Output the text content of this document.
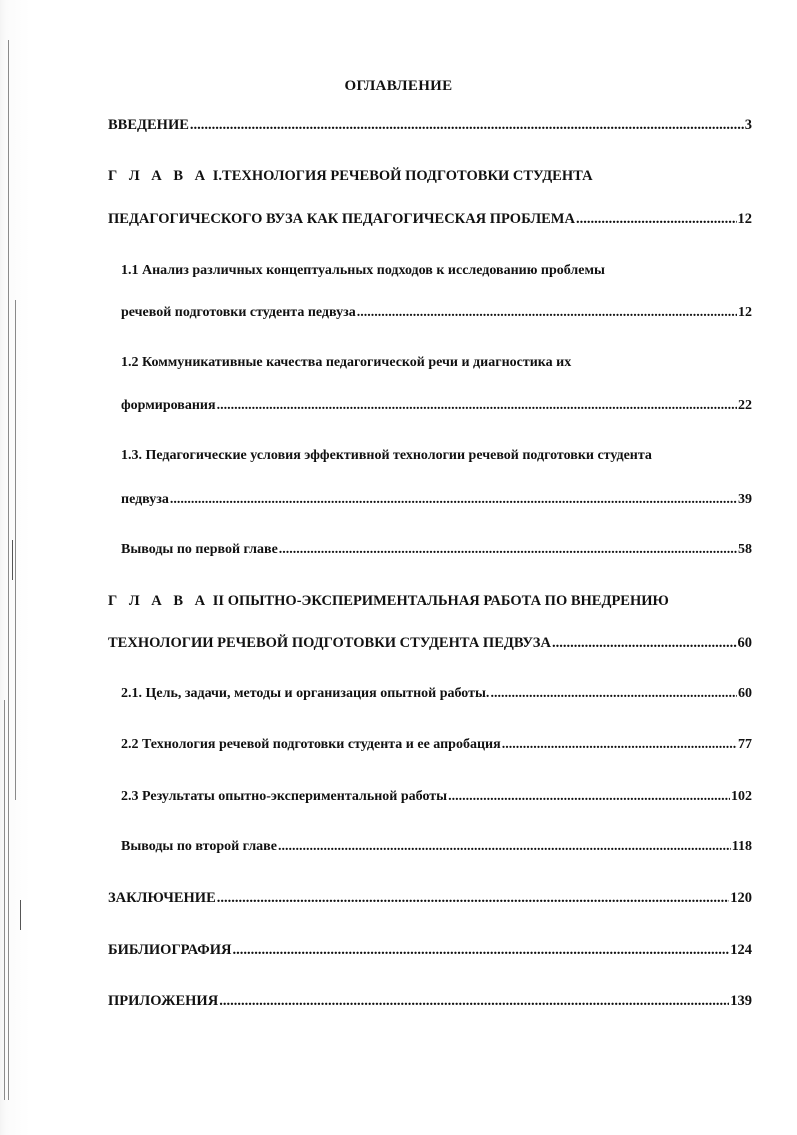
ОГЛАВЛЕНИЕ
ВВЕДЕНИЕ .....	3
Г Л А В А I.ТЕХНОЛОГИЯ РЕЧЕВОЙ ПОДГОТОВКИ СТУДЕНТА
ПЕДАГОГИЧЕСКОГО ВУЗА КАК ПЕДАГОГИЧЕСКАЯ ПРОБЛЕМА .....	12
1.1 Анализ различных концептуальных подходов к исследованию проблемы
речевой подготовки студента педвуза .....	12
1.2 Коммуникативные качества педагогической речи и диагностика их
формирования .....	22
1.3. Педагогические условия эффективной технологии речевой подготовки студента
педвуза .....	39
Выводы по первой главе .....	58
Г Л А В А II ОПЫТНО-ЭКСПЕРИМЕНТАЛЬНАЯ РАБОТА ПО ВНЕДРЕНИЮ
ТЕХНОЛОГИИ РЕЧЕВОЙ ПОДГОТОВКИ СТУДЕНТА ПЕДВУЗА .....	60
2.1. Цель, задачи, методы и организация опытной работы. .....	60
2.2 Технология речевой подготовки студента и ее апробация .....	77
2.3 Результаты опытно-экспериментальной работы .....	102
Выводы по второй главе .....	118
ЗАКЛЮЧЕНИЕ .....	120
БИБЛИОГРАФИЯ .....	124
ПРИЛОЖЕНИЯ .....	139
